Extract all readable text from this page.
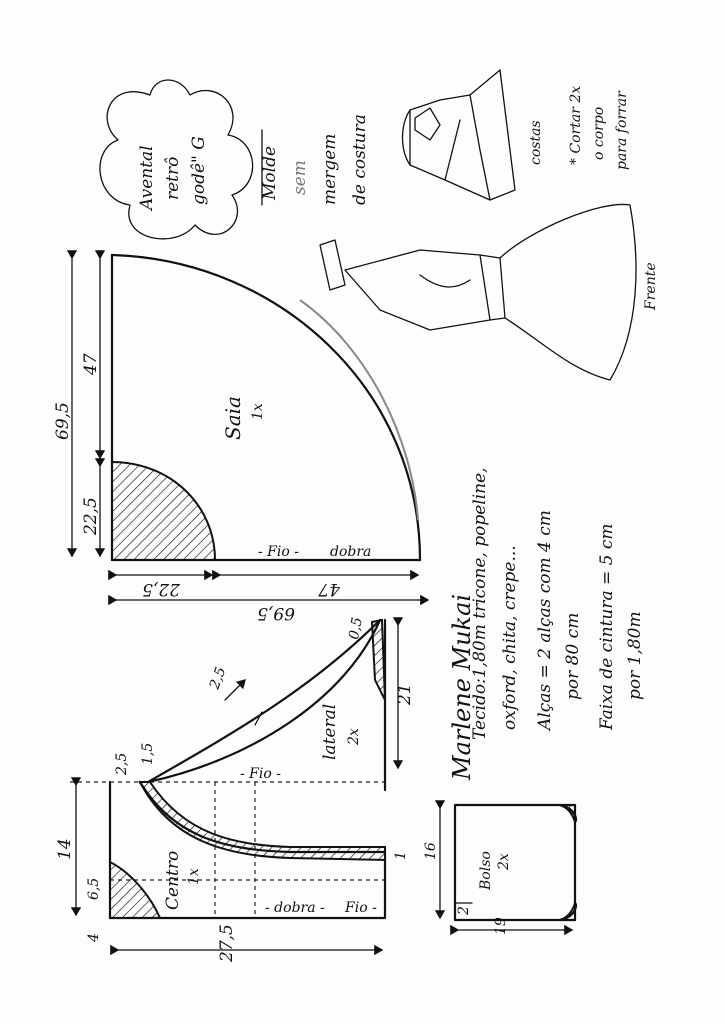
Avental retrô godê" G	Molde sem mergem de costura	costas
Frente
* Cortar 2x o corpo para forrar
Saia 1x
- Fio - dobra
69,5
47
22,5
22,5	47
69,5	Tecido:1,80m tricone, popeline, oxford, chita, crepe... Alças = 2 alças com 4 cm por 80 cm Faixa de cintura = 5 cm por 1,80m
lateral 2x
Centro 1x
- Fio -
- dobra - Fio -
2,5
0,5
21
2,5 1,5
14
6,5
4	27,5
1	Bolso 2x
16
19
2
Marlene Mukai
